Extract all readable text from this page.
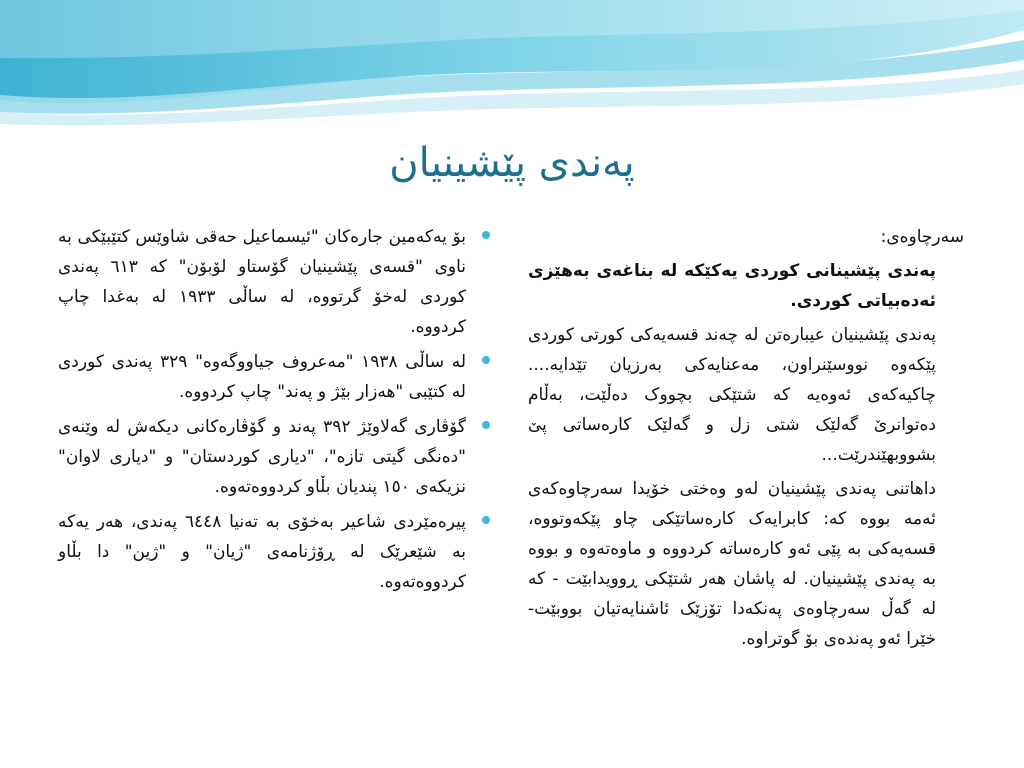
پەندی پێشینیان
سەرچاوەی:
پەندی پێشینانی کوردی یەکێکە لە بناغەی بەهێزی ئەدەبیاتی کوردی.
پەندی پێشینیان عیبارەتن لە چەند قسەیەکی کورتی کوردی پێکەوە نووسێنراون، مەعنایەکی بەرزیان تێدایە.... چاکیەکەی ئەوەیە کە شتێکی بچووک دەڵێت، بەڵام دەتوانرێ گەلێک شتی زل و گەلێک کارەساتی پێ بشووبهێندرێت...
داهاتنی پەندی پێشینیان لەو وەختی خۆیدا سەرچاوەکەی ئەمە بووە کە: کابرایەک کارەساتێکی چاو پێکەوتووە، قسەیەکی بە پێی ئەو کارەساتە کردووە و ماوەتەوە و بووە بە پەندی پێشینیان. لە پاشان هەر شتێکی ڕوویدابێت - کە لە گەڵ سەرچاوەی پەنکەدا تۆزێک ئاشنایەتیان بووبێت- خێرا ئەو پەندەی بۆ گوتراوە.
بۆ یەکەمین جارەکان "ئیسماعیل حەقی شاوێس کتێبێکی بە ناوی "قسەی پێشینیان گۆستاو لۆبۆن" کە ٦١٣ پەندی کوردی لەخۆ گرتووە، لە ساڵی ١٩٣٣ لە بەغدا چاپ کردووە.
لە ساڵی ١٩٣٨ "مەعروف جیاووگەوە" ٣٢٩ پەندی کوردی لە کتێبی "هەزار بێژ و پەند" چاپ کردووە.
گۆڤاری گەلاوێژ ٣٩٢ پەند و گۆڤارەکانی دیکەش لە وێنەی "دەنگی گیتی تازە"، "دیاری کوردستان" و "دیاری لاوان" نزیکەی ١٥٠ پندیان بڵاو کردووەتەوە.
پیرەمێردی شاعیر بەخۆی بە تەنیا ٦٤٤٨ پەندی، هەر یەکە بە شێعرێک لە ڕۆژنامەی "ژیان" و "ژین" دا بڵاو کردووەتەوە.
